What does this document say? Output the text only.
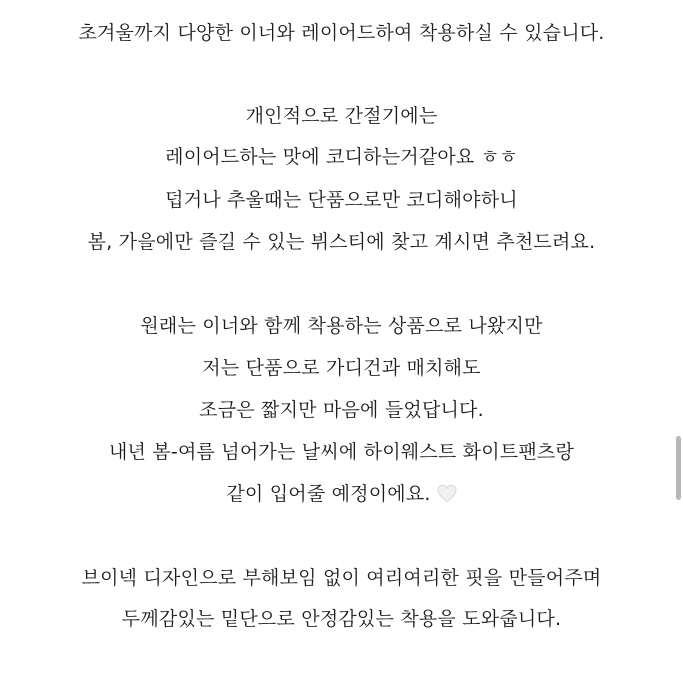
초겨울까지 다양한 이너와 레이어드하여 착용하실 수 있습니다.
개인적으로 간절기에는
레이어드하는 맛에 코디하는거같아요 ㅎㅎ
덥거나 추울때는 단품으로만 코디해야하니
봄, 가을에만 즐길 수 있는 뷔스티에 찾고 계시면 추천드려요.
원래는 이너와 함께 착용하는 상품으로 나왔지만
저는 단품으로 가디건과 매치해도
조금은 짧지만 마음에 들었답니다.
내년 봄-여름 넘어가는 날씨에 하이웨스트 화이트팬츠랑
같이 입어줄 예정이에요.
브이넥 디자인으로 부해보임 없이 여리여리한 핏을 만들어주며
두께감있는 밑단으로 안정감있는 착용을 도와줍니다.
